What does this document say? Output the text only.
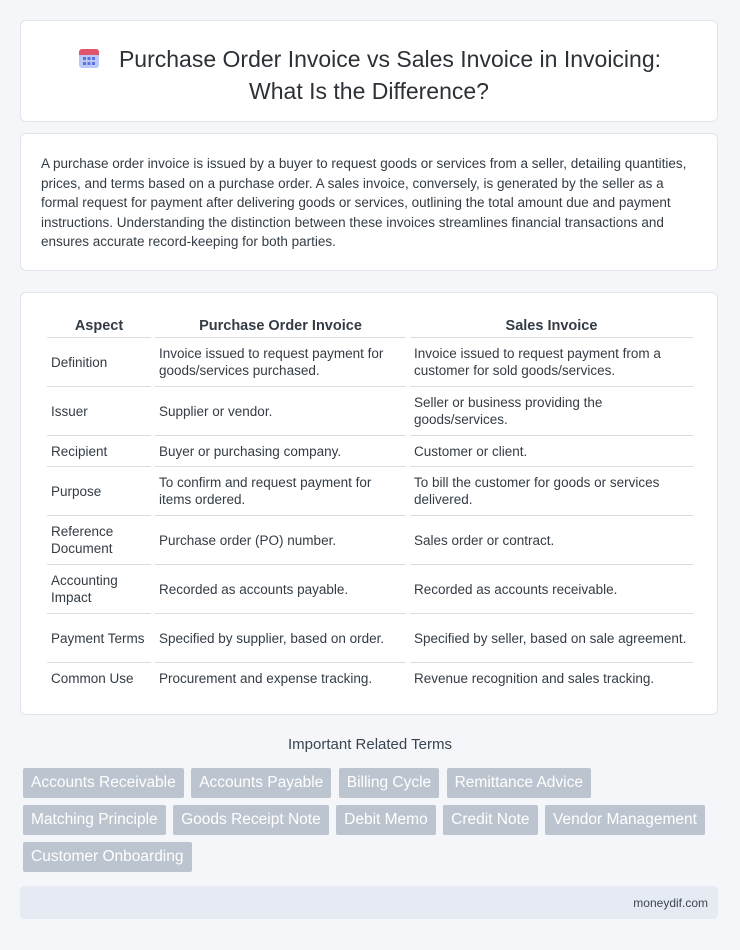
Purchase Order Invoice vs Sales Invoice in Invoicing: What Is the Difference?

A purchase order invoice is issued by a buyer to request goods or services from a seller, detailing quantities, prices, and terms based on a purchase order. A sales invoice, conversely, is generated by the seller as a formal request for payment after delivering goods or services, outlining the total amount due and payment instructions. Understanding the distinction between these invoices streamlines financial transactions and ensures accurate record-keeping for both parties.

Aspect	Purchase Order Invoice	Sales Invoice
Definition	Invoice issued to request payment for goods/services purchased.	Invoice issued to request payment from a customer for sold goods/services.
Issuer	Supplier or vendor.	Seller or business providing the goods/services.
Recipient	Buyer or purchasing company.	Customer or client.
Purpose	To confirm and request payment for items ordered.	To bill the customer for goods or services delivered.
Reference Document	Purchase order (PO) number.	Sales order or contract.
Accounting Impact	Recorded as accounts payable.	Recorded as accounts receivable.
Payment Terms	Specified by supplier, based on order.	Specified by seller, based on sale agreement.
Common Use	Procurement and expense tracking.	Revenue recognition and sales tracking.
Important Related Terms
Accounts Receivable Accounts Payable Billing Cycle Remittance Advice Matching Principle Goods Receipt Note Debit Memo Credit Note Vendor Management Customer Onboarding
moneydif.com
